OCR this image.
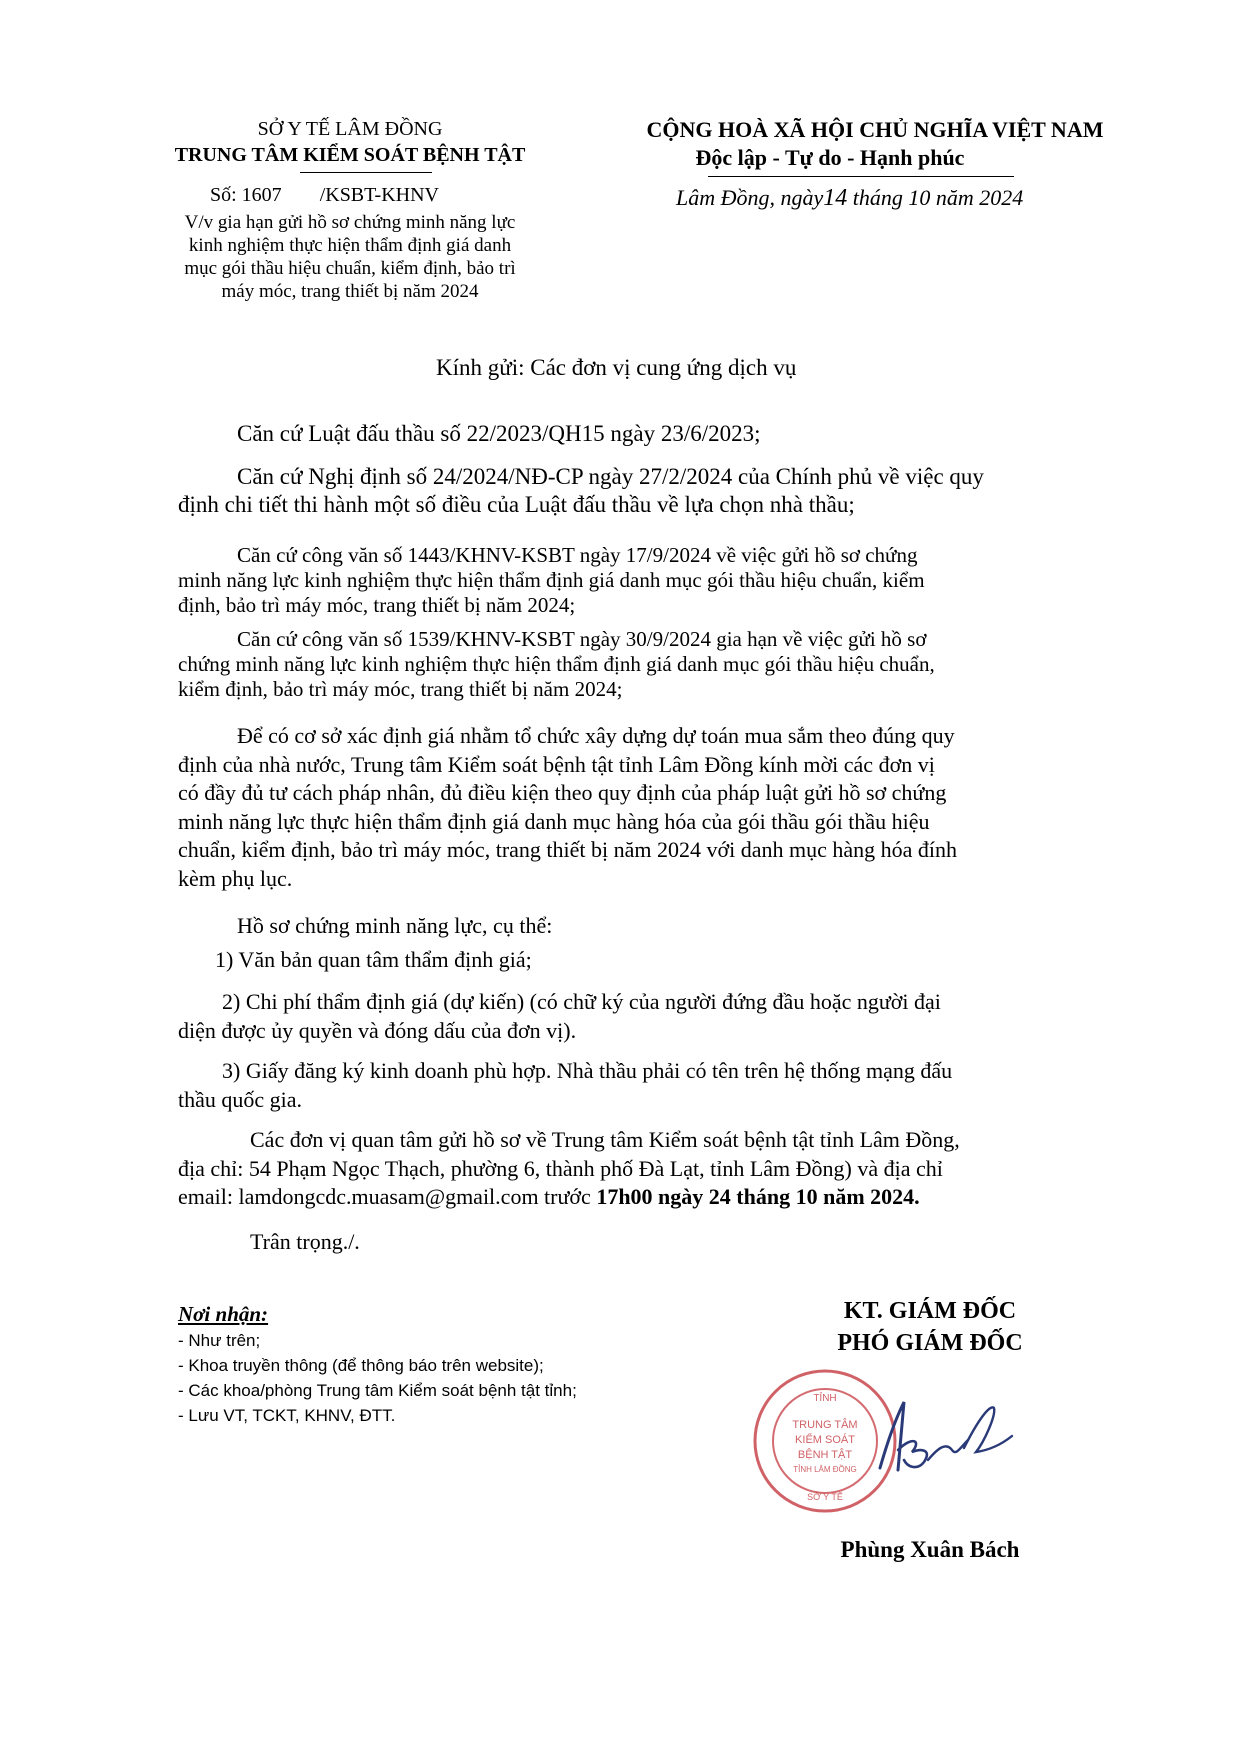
SỞ Y TẾ LÂM ĐỒNG
TRUNG TÂM KIỂM SOÁT BỆNH TẬT
Số: 1607 /KSBT-KHNV
V/v gia hạn gửi hồ sơ chứng minh năng lực
kinh nghiệm thực hiện thẩm định giá danh
mục gói thầu hiệu chuẩn, kiểm định, bảo trì
máy móc, trang thiết bị năm 2024
CỘNG HOÀ XÃ HỘI CHỦ NGHĨA VIỆT NAM
Độc lập - Tự do - Hạnh phúc
Lâm Đồng, ngày14 tháng 10 năm 2024
Kính gửi: Các đơn vị cung ứng dịch vụ
Căn cứ Luật đấu thầu số 22/2023/QH15 ngày 23/6/2023;
Căn cứ Nghị định số 24/2024/NĐ-CP ngày 27/2/2024 của Chính phủ về việc quy
định chi tiết thi hành một số điều của Luật đấu thầu về lựa chọn nhà thầu;
Căn cứ công văn số 1443/KHNV-KSBT ngày 17/9/2024 về việc gửi hồ sơ chứng
minh năng lực kinh nghiệm thực hiện thẩm định giá danh mục gói thầu hiệu chuẩn, kiểm
định, bảo trì máy móc, trang thiết bị năm 2024;
Căn cứ công văn số 1539/KHNV-KSBT ngày 30/9/2024 gia hạn về việc gửi hồ sơ
chứng minh năng lực kinh nghiệm thực hiện thẩm định giá danh mục gói thầu hiệu chuẩn,
kiểm định, bảo trì máy móc, trang thiết bị năm 2024;
Để có cơ sở xác định giá nhằm tổ chức xây dựng dự toán mua sắm theo đúng quy
định của nhà nước, Trung tâm Kiểm soát bệnh tật tỉnh Lâm Đồng kính mời các đơn vị
có đầy đủ tư cách pháp nhân, đủ điều kiện theo quy định của pháp luật gửi hồ sơ chứng
minh năng lực thực hiện thẩm định giá danh mục hàng hóa của gói thầu gói thầu hiệu
chuẩn, kiểm định, bảo trì máy móc, trang thiết bị năm 2024 với danh mục hàng hóa đính
kèm phụ lục.
Hồ sơ chứng minh năng lực, cụ thể:
1) Văn bản quan tâm thẩm định giá;
2) Chi phí thẩm định giá (dự kiến) (có chữ ký của người đứng đầu hoặc người đại
diện được ủy quyền và đóng dấu của đơn vị).
3) Giấy đăng ký kinh doanh phù hợp. Nhà thầu phải có tên trên hệ thống mạng đấu
thầu quốc gia.
Các đơn vị quan tâm gửi hồ sơ về Trung tâm Kiểm soát bệnh tật tỉnh Lâm Đồng,
địa chỉ: 54 Phạm Ngọc Thạch, phường 6, thành phố Đà Lạt, tỉnh Lâm Đồng) và địa chỉ
email: lamdongcdc.muasam@gmail.com trước 17h00 ngày 24 tháng 10 năm 2024.
Trân trọng./.
Nơi nhận:
- Như trên;
- Khoa truyền thông (để thông báo trên website);
- Các khoa/phòng Trung tâm Kiểm soát bệnh tật tỉnh;
- Lưu VT, TCKT, KHNV, ĐTT.
KT. GIÁM ĐỐC
PHÓ GIÁM ĐỐC
TỈNH
TRUNG TÂM
KIỂM SOÁT
BỆNH TẬT
TỈNH LÂM ĐỒNG
SỞ Y TẾ
Phùng Xuân Bách
